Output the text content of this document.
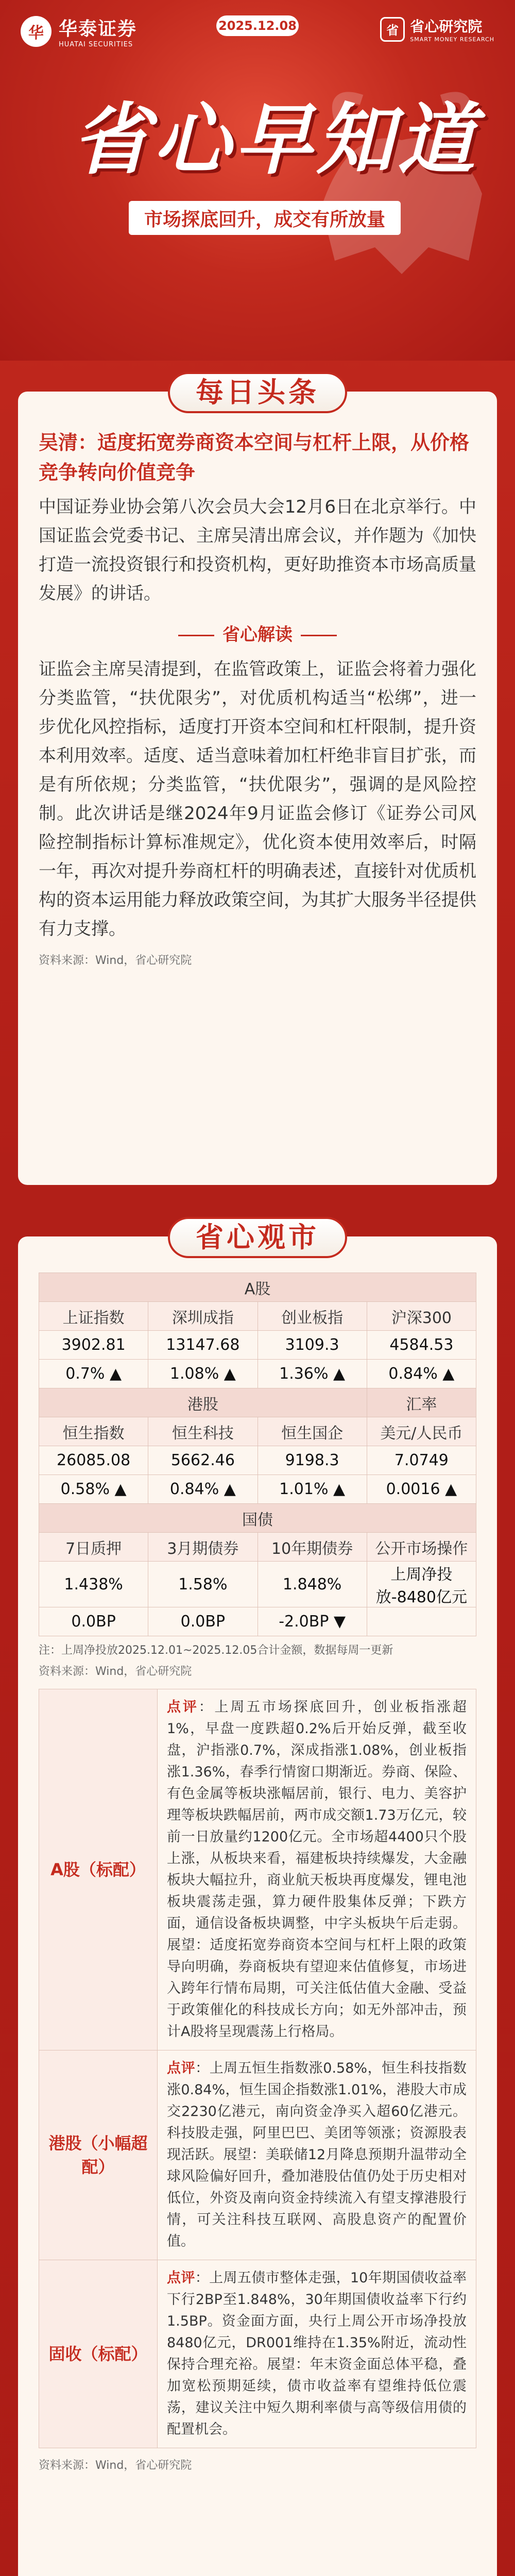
华 华泰证券
HUATAI SECURITIES
2025.12.08	省 省心研究院
SMART MONEY RESEARCH
省心早知道
市场探底回升，成交有所放量
每日头条
吴清：适度拓宽券商资本空间与杠杆上限，从价格竞争转向价值竞争
中国证券业协会第八次会员大会12月6日在北京举行。中国证监会党委书记、主席吴清出席会议，并作题为《加快打造一流投资银行和投资机构，更好助推资本市场高质量发展》的讲话。
省心解读
证监会主席吴清提到，在监管政策上，证监会将着力强化分类监管，“扶优限劣”，对优质机构适当“松绑”，进一步优化风控指标，适度打开资本空间和杠杆限制，提升资本利用效率。适度、适当意味着加杠杆绝非盲目扩张，而是有所依规；分类监管，“扶优限劣”，强调的是风险控制。此次讲话是继2024年9月证监会修订《证券公司风险控制指标计算标准规定》，优化资本使用效率后，时隔一年，再次对提升券商杠杆的明确表述，直接针对优质机构的资本运用能力释放政策空间，为其扩大服务半径提供有力支撑。
资料来源：Wind，省心研究院
省心观市
A股			
上证指数	深圳成指	创业板指	沪深300
3902.81	13147.68	3109.3	4584.53
0.7% ▲	1.08% ▲	1.36% ▲	0.84% ▲
港股			汇率
恒生指数	恒生科技	恒生国企	美元/人民币
26085.08	5662.46	9198.3	7.0749
0.58% ▲	0.84% ▲	1.01% ▲	0.0016 ▲
国债			
7日质押	3月期债券	10年期债券	公开市场操作
1.438%	1.58%	1.848%	上周净投放-8480亿元
0.0BP	0.0BP	-2.0BP ▼	
注：上周净投放2025.12.01~2025.12.05合计金额，数据每周一更新
资料来源：Wind，省心研究院
A股（标配）	点评：上周五市场探底回升，创业板指涨超1%，早盘一度跌超0.2%后开始反弹，截至收盘，沪指涨0.7%，深成指涨1.08%，创业板指涨1.36%，春季行情窗口期渐近。券商、保险、有色金属等板块涨幅居前，银行、电力、美容护理等板块跌幅居前，两市成交额1.73万亿元，较前一日放量约1200亿元。全市场超4400只个股上涨，从板块来看，福建板块持续爆发，大金融板块大幅拉升，商业航天板块再度爆发，锂电池板块震荡走强，算力硬件股集体反弹；下跌方面，通信设备板块调整，中字头板块午后走弱。展望：适度拓宽券商资本空间与杠杆上限的政策导向明确，券商板块有望迎来估值修复，市场进入跨年行情布局期，可关注低估值大金融、受益于政策催化的科技成长方向；如无外部冲击，预计A股将呈现震荡上行格局。
港股（小幅超配）	点评：上周五恒生指数涨0.58%，恒生科技指数涨0.84%，恒生国企指数涨1.01%，港股大市成交2230亿港元，南向资金净买入超60亿港元。科技股走强，阿里巴巴、美团等领涨；资源股表现活跃。展望：美联储12月降息预期升温带动全球风险偏好回升，叠加港股估值仍处于历史相对低位，外资及南向资金持续流入有望支撑港股行情，可关注科技互联网、高股息资产的配置价值。
固收（标配）	点评：上周五债市整体走强，10年期国债收益率下行2BP至1.848%，30年期国债收益率下行约1.5BP。资金面方面，央行上周公开市场净投放8480亿元，DR001维持在1.35%附近，流动性保持合理充裕。展望：年末资金面总体平稳，叠加宽松预期延续，债市收益率有望维持低位震荡，建议关注中短久期利率债与高等级信用债的配置机会。
资料来源：Wind，省心研究院
